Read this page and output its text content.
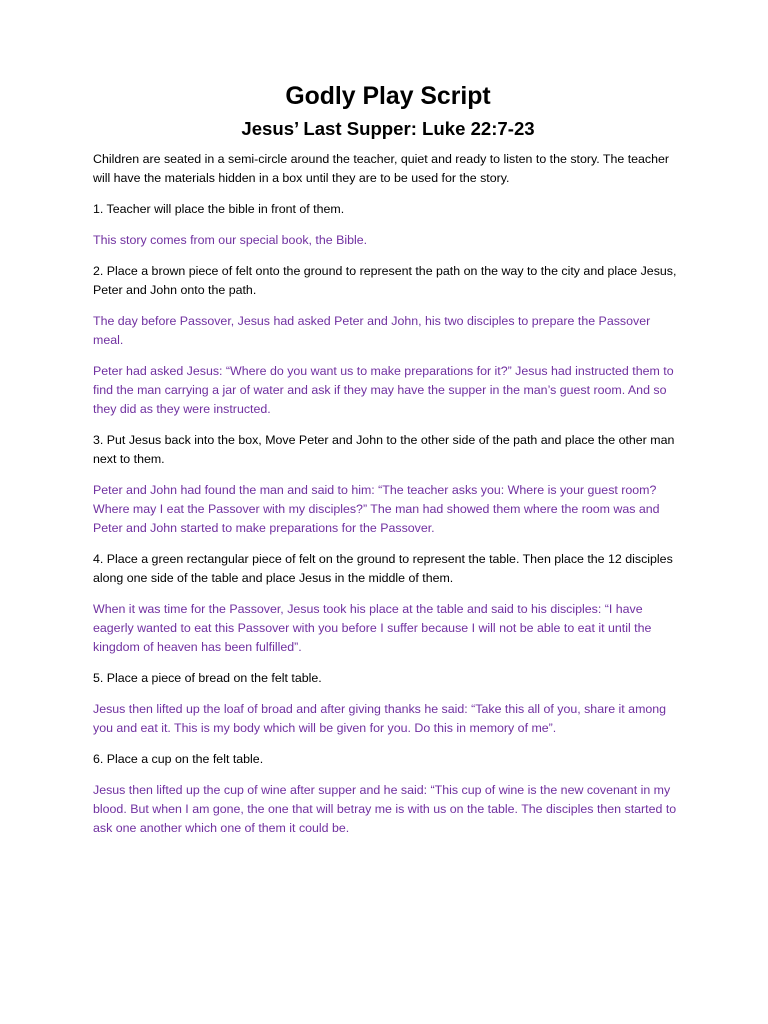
Godly Play Script
Jesus’ Last Supper: Luke 22:7-23

Children are seated in a semi-circle around the teacher, quiet and ready to listen to the story. The teacher will have the materials hidden in a box until they are to be used for the story.

1. Teacher will place the bible in front of them.

This story comes from our special book, the Bible.

2. Place a brown piece of felt onto the ground to represent the path on the way to the city and place Jesus, Peter and John onto the path.

The day before Passover, Jesus had asked Peter and John, his two disciples to prepare the Passover meal.

Peter had asked Jesus: “Where do you want us to make preparations for it?” Jesus had instructed them to find the man carrying a jar of water and ask if they may have the supper in the man’s guest room. And so they did as they were instructed.

3. Put Jesus back into the box, Move Peter and John to the other side of the path and place the other man next to them.

Peter and John had found the man and said to him: “The teacher asks you: Where is your guest room? Where may I eat the Passover with my disciples?” The man had showed them where the room was and Peter and John started to make preparations for the Passover.

4. Place a green rectangular piece of felt on the ground to represent the table. Then place the 12 disciples along one side of the table and place Jesus in the middle of them.

When it was time for the Passover, Jesus took his place at the table and said to his disciples: “I have eagerly wanted to eat this Passover with you before I suffer because I will not be able to eat it until the kingdom of heaven has been fulfilled”.

5. Place a piece of bread on the felt table.

Jesus then lifted up the loaf of broad and after giving thanks he said: “Take this all of you, share it among you and eat it. This is my body which will be given for you. Do this in memory of me”.

6. Place a cup on the felt table.

Jesus then lifted up the cup of wine after supper and he said: “This cup of wine is the new covenant in my blood. But when I am gone, the one that will betray me is with us on the table. The disciples then started to ask one another which one of them it could be.
